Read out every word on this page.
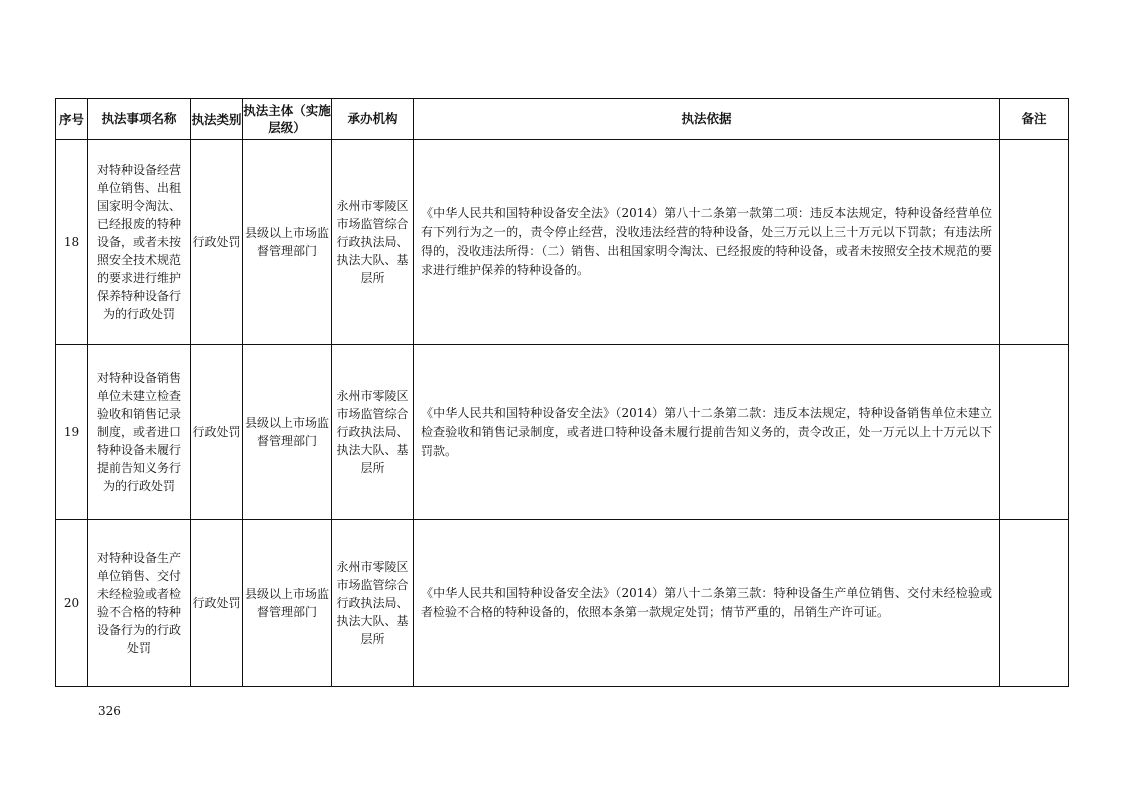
序号	执法事项名称	执法类别	执法主体（实施层级）	承办机构	执法依据	备注
18	对特种设备经营单位销售、出租国家明令淘汰、已经报废的特种设备，或者未按照安全技术规范的要求进行维护保养特种设备行为的行政处罚	行政处罚	县级以上市场监督管理部门	永州市零陵区市场监管综合行政执法局、执法大队、基层所	《中华人民共和国特种设备安全法》（2014）第八十二条第一款第二项：违反本法规定，特种设备经营单位有下列行为之一的，责令停止经营，没收违法经营的特种设备，处三万元以上三十万元以下罚款；有违法所得的，没收违法所得：（二）销售、出租国家明令淘汰、已经报废的特种设备，或者未按照安全技术规范的要求进行维护保养的特种设备的。	
19	对特种设备销售单位未建立检查验收和销售记录制度，或者进口特种设备未履行提前告知义务行为的行政处罚	行政处罚	县级以上市场监督管理部门	永州市零陵区市场监管综合行政执法局、执法大队、基层所	《中华人民共和国特种设备安全法》（2014）第八十二条第二款：违反本法规定，特种设备销售单位未建立检查验收和销售记录制度，或者进口特种设备未履行提前告知义务的，责令改正，处一万元以上十万元以下罚款。	
20	对特种设备生产单位销售、交付未经检验或者检验不合格的特种设备行为的行政处罚	行政处罚	县级以上市场监督管理部门	永州市零陵区市场监管综合行政执法局、执法大队、基层所	《中华人民共和国特种设备安全法》（2014）第八十二条第三款：特种设备生产单位销售、交付未经检验或者检验不合格的特种设备的，依照本条第一款规定处罚；情节严重的，吊销生产许可证。	
326
